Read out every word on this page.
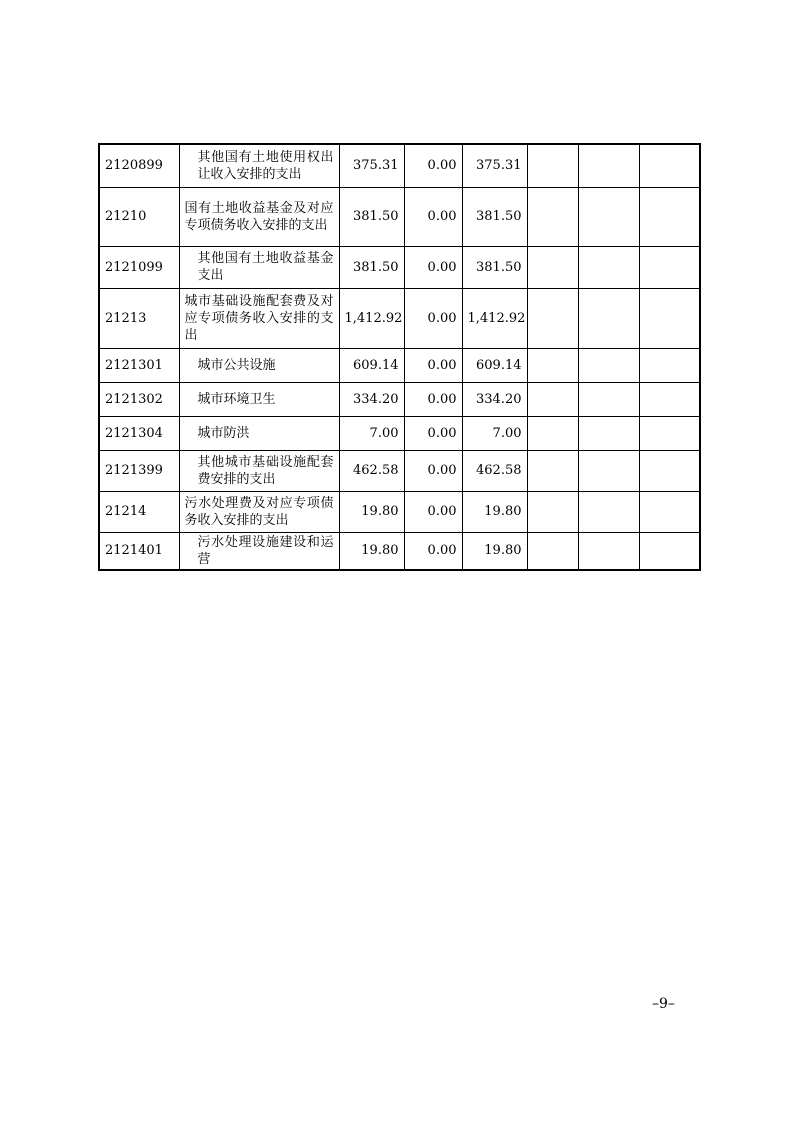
2120899	其他国有土地使用权出让收入安排的支出	375.31	0.00	375.31			
21210	国有土地收益基金及对应专项债务收入安排的支出	381.50	0.00	381.50			
2121099	其他国有土地收益基金支出	381.50	0.00	381.50			
21213	城市基础设施配套费及对应专项债务收入安排的支出	1,412.92	0.00	1,412.92			
2121301	城市公共设施	609.14	0.00	609.14			
2121302	城市环境卫生	334.20	0.00	334.20			
2121304	城市防洪	7.00	0.00	7.00			
2121399	其他城市基础设施配套费安排的支出	462.58	0.00	462.58			
21214	污水处理费及对应专项债务收入安排的支出	19.80	0.00	19.80			
2121401	污水处理设施建设和运营	19.80	0.00	19.80			
–9–
